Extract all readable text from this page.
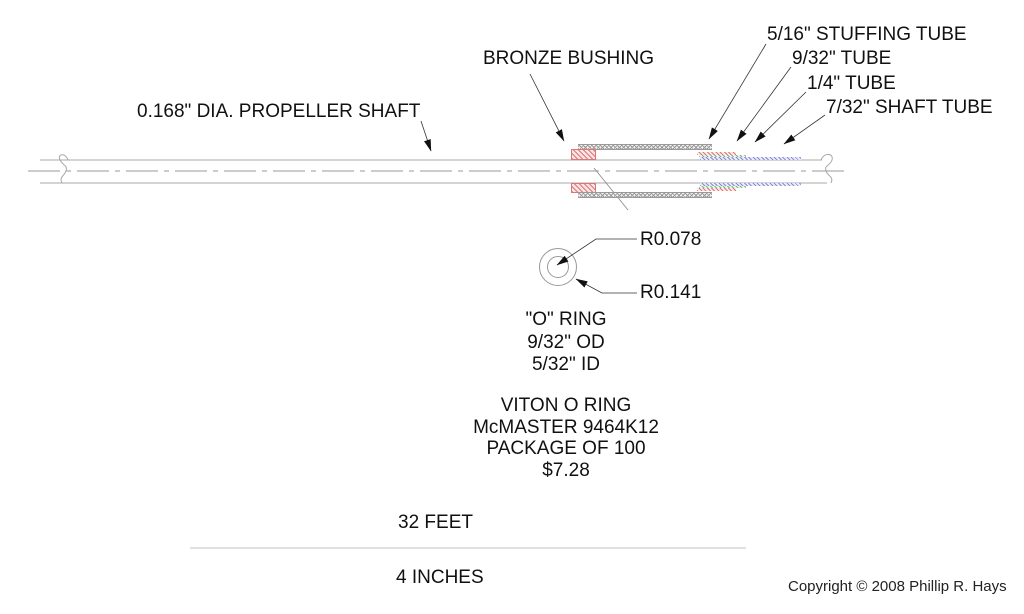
0.168" DIA. PROPELLER SHAFT
BRONZE BUSHING
5/16" STUFFING TUBE
9/32" TUBE
1/4" TUBE
7/32" SHAFT TUBE
R0.078
R0.141
"O" RING
9/32" OD
5/32" ID
VITON O RING
McMASTER 9464K12
PACKAGE OF 100
$7.28
32 FEET
4 INCHES	Copyright © 2008 Phillip R. Hays
